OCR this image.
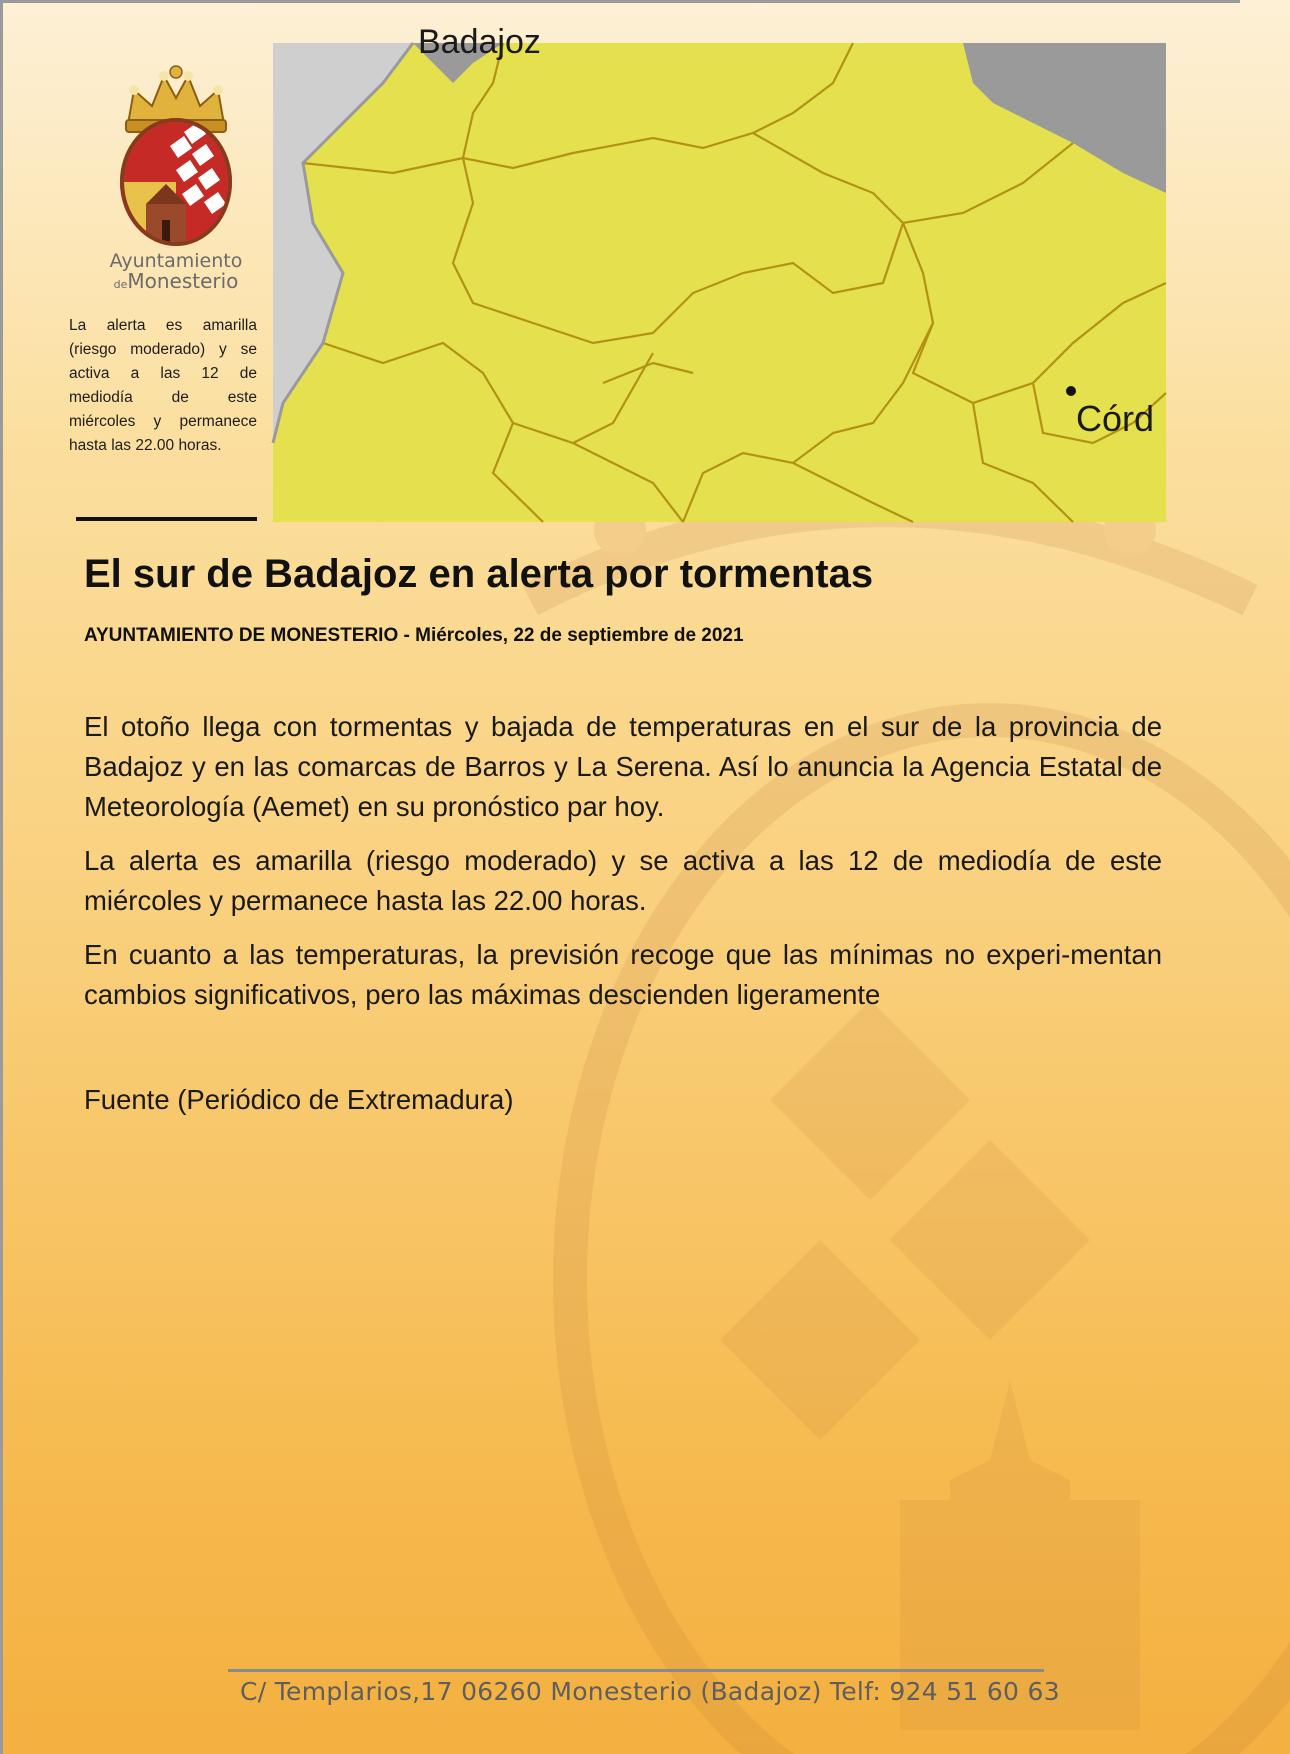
Ayuntamiento
deMonesterio
La alerta es amarilla (riesgo moderado) y se activa a las 12 de mediodía de este miércoles y permanece hasta las 22.00 horas.
Badajoz
Córd
El sur de Badajoz en alerta por tormentas
AYUNTAMIENTO DE MONESTERIO - Miércoles, 22 de septiembre de 2021

El otoño llega con tormentas y bajada de temperaturas en el sur de la provincia de Badajoz y en las comarcas de Barros y La Serena. Así lo anuncia la Agencia Estatal de Meteorología (Aemet) en su pronóstico par hoy.

La alerta es amarilla (riesgo moderado) y se activa a las 12 de mediodía de este miércoles y permanece hasta las 22.00 horas.

En cuanto a las temperaturas, la previsión recoge que las mínimas no experi-mentan cambios significativos, pero las máximas descienden ligeramente

Fuente (Periódico de Extremadura)
C/ Templarios,17 06260 Monesterio (Badajoz) Telf: 924 51 60 63
